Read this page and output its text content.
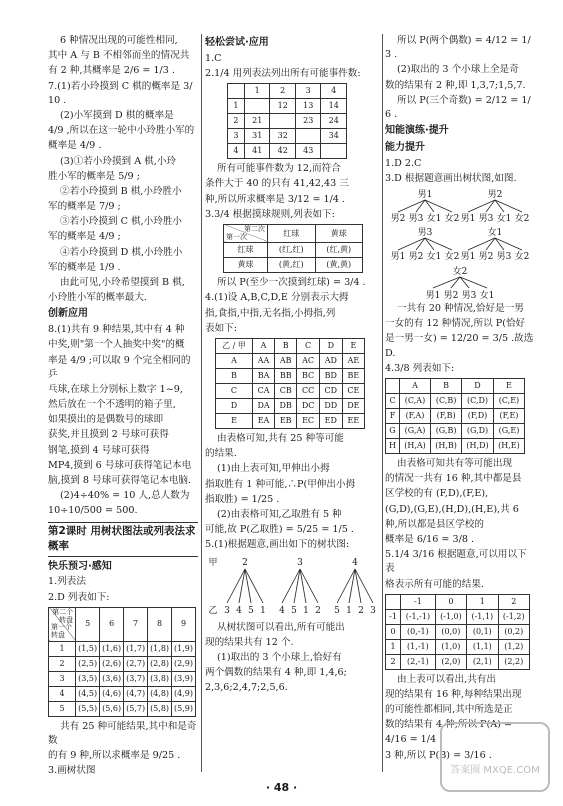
6 种情况出现的可能性相同,
其中 A 与 B 不相邻而坐的情况共
有 2 种,其概率是 2/6 = 1/3 .
7.(1)若小玲摸到 C 棋的概率是 3/10 .
(2)小军摸到 D 棋的概率是
4/9 ,所以在这一轮中小玲胜小军的
概率是 4/9 .
(3)①若小玲摸到 A 棋,小玲
胜小军的概率是 5/9 ;
②若小玲摸到 B 棋,小玲胜小
军的概率是 7/9 ;
③若小玲摸到 C 棋,小玲胜小
军的概率是 4/9 ;
④若小玲摸到 D 棋,小玲胜小
军的概率是 1/9 .
由此可见,小玲希望摸到 B 棋,
小玲胜小军的概率最大.
创新应用
8.(1)共有 9 种结果,其中有 4 种
中奖,则"第一个人抽奖中奖"的概
率是 4/9 ;可以取 9 个完全相同的乒
乓球,在球上分别标上数字 1~9,
然后放在一个不透明的箱子里,
如果摸出的是偶数号的球即
获奖,并且摸到 2 号球可获得
钢笔,摸到 4 号球可获得
MP4,摸到 6 号球可获得笔记本电
脑,摸到 8 号球可获得笔记本电脑.
(2)4÷40% = 10 人,总人数为
10÷10/500 = 500.
第2课时 用树状图法或列表法求概率
快乐预习·感知
1.列表法
2.D 列表如下:
第二个转盘
第一个转盘	5	6	7	8	9
1	(1,5)	(1,6)	(1,7)	(1,8)	(1,9)
2	(2,5)	(2,6)	(2,7)	(2,8)	(2,9)
3	(3,5)	(3,6)	(3,7)	(3,8)	(3,9)
4	(4,5)	(4,6)	(4,7)	(4,8)	(4,9)
5	(5,5)	(5,6)	(5,7)	(5,8)	(5,9)
共有 25 种可能结果,其中和是奇数
的有 9 种,所以求概率是 9/25 .
3.画树状图
轻松尝试·应用
1.C
2.1/4 用列表法列出所有可能事件数:
	1	2	3	4
1		12	13	14
2	21		23	24
3	31	32		34
4	41	42	43	
所有可能事件数为 12,而符合
条件大于 40 的只有 41,42,43 三
种,所以所求概率是 3/12 = 1/4 .
3.3/4 根据摸球规则,列表如下:
第二次
第一次	红球	黄球
红球	(红,红)	(红,黄)
黄球	(黄,红)	(黄,黄)
所以 P(至少一次摸到红球) = 3/4 .
4.(1)设 A,B,C,D,E 分别表示大拇
指,食指,中指,无名指,小拇指,列
表如下:
乙 / 甲	A	B	C	D	E
A	AA	AB	AC	AD	AE
B	BA	BB	BC	BD	BE
C	CA	CB	CC	CD	CE
D	DA	DB	DC	DD	DE
E	EA	EB	EC	ED	EE
由表格可知,共有 25 种等可能
的结果.
(1)由上表可知,甲伸出小拇
指取胜有 1 种可能,∴P(甲伸出小拇
指取胜) = 1/25 .
(2)由表格可知,乙取胜有 5 种
可能,故 P(乙取胜) = 5/25 = 1/5 .
5.(1)根据题意,画出如下的树状图:
甲
乙
2
3 4 5 1
3
4 5 1 2
4
5 1 2 3
从树状图可以看出,所有可能出
现的结果共有 12 个.
(1)取出的 3 个小球上,恰好有
两个偶数的结果有 4 种,即 1,4,6;
2,3,6;2,4,7;2,5,6.
所以 P(两个偶数) = 4/12 = 1/3 .
(2)取出的 3 个小球上全是奇
数的结果有 2 种,即 1,3,7;1,5,7.
所以 P(三个奇数) = 2/12 = 1/6 .
知能演练·提升
能力提升
1.D 2.C
3.D 根据题意画出树状图,如图.
男1
男2 男3 女1 女2
男2
男1 男3 女1 女2
男3
男1 男2 女1 女2
女1
男1 男2 男3 女2
女2
男1 男2 男3 女1
一共有 20 种情况,恰好是一男
一女的有 12 种情况,所以 P(恰好
是一男一女) = 12/20 = 3/5 .故选 D.
4.3/8 列表如下:
	A	B	D	E
C	(C,A)	(C,B)	(C,D)	(C,E)
F	(F,A)	(F,B)	(F,D)	(F,E)
G	(G,A)	(G,B)	(G,D)	(G,E)
H	(H,A)	(H,B)	(H,D)	(H,E)
由表格可知共有等可能出现
的情况一共有 16 种,其中都是县
区学校的有 (F,D),(F,E),
(G,D),(G,E),(H,D),(H,E),共 6
种,所以都是县区学校的
概率是 6/16 = 3/8 .
5.1/4 3/16 根据题意,可以用以下表
格表示所有可能的结果.
	-1	0	1	2
-1	(-1,-1)	(-1,0)	(-1,1)	(-1,2)
0	(0,-1)	(0,0)	(0,1)	(0,2)
1	(1,-1)	(1,0)	(1,1)	(1,2)
2	(2,-1)	(2,0)	(2,1)	(2,2)
由上表可以看出,共有出
现的结果有 16 种,每种结果出现
的可能性都相同,其中所选是正
数的结果有 4 种,所以 P(A) =
4/16 = 1/4 .
3 种,所以 P(B) = 3/16 .
· 48 ·
答案圈 MXQE.COM
